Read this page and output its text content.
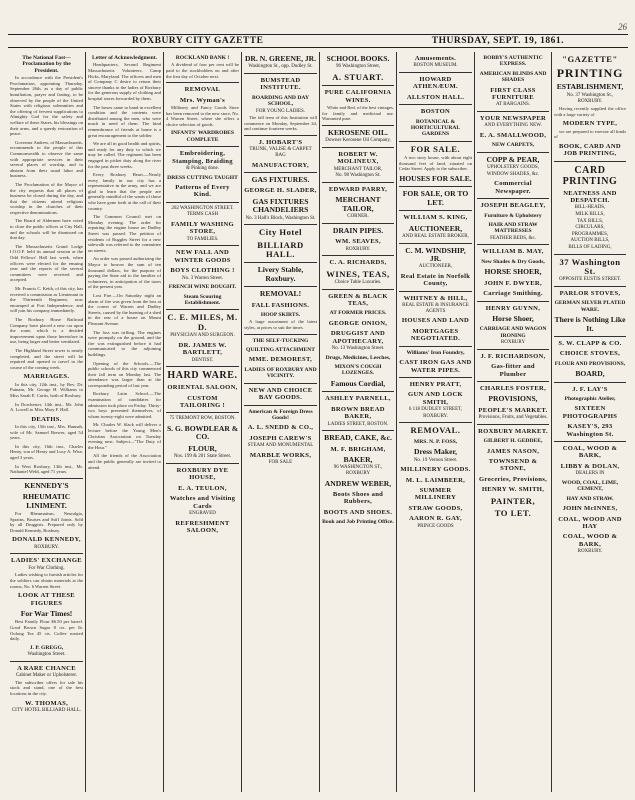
26
ROXBURY CITY GAZETTE	THURSDAY, SEPT. 19, 1861.
The National Fast—Proclamation by the President.
In accordance with the President's Proclamation, appointing Thursday, September 26th, as a day of public humiliation, prayer and fasting, to be observed by the people of the United States with religious solemnities and the offering of fervent supplications to Almighty God for the safety and welfare of these States, his blessings on their arms, and a speedy restoration of peace.
Governor Andrew, of Massachusetts, recommends to the people of this Commonwealth to observe the same with appropriate services in their several places of worship, and to abstain from their usual labor and business.
The Proclamation of the Mayor of the city requests that all places of business be closed during the day, and that the citizens attend religious worship in the churches of their respective denominations.
The Board of Aldermen have voted to close the public offices at City Hall, and the schools will be dismissed on that day.
The Massachusetts Grand Lodge I.O.O.F. held its annual session at the Odd Fellows' Hall last week, when officers were elected for the ensuing year and the reports of the several committees were received and accepted.
Mr. Francis C. Keith, of this city, has received a commission as Lieutenant in the Thirteenth Regiment, now encamped at Fort Independence, and will join his company immediately.
The Roxbury Horse Railroad Company have placed a new car upon the route, which is a decided improvement upon those heretofore in use, being larger and better ventilated.
The Highland Street sewer is nearly completed, and the street will be repaired and opened to travel in the course of the coming week.
MARRIAGES.
In this city, 12th inst., by Rev. Dr. Putnam, Mr. George H. Williams to Miss Sarah E. Curtis, both of Roxbury.
In Dorchester, 14th inst., Mr. John A. Lowell to Miss Mary F. Hall.
DEATHS.
In this city, 15th inst., Mrs. Hannah, wife of Mr. Samuel Brewer, aged 54 years.
In this city, 16th inst., Charles Henry, son of Henry and Lucy A. Wise, aged 3 years.
In West Roxbury, 13th inst., Mr. Nathaniel Weld, aged 71 years.
KENNEDY'S
RHEUMATIC LINIMENT.
For Rheumatism, Neuralgia, Sprains, Bruises and Stiff Joints. Sold by all Druggists. Prepared only by Donald Kennedy, Roxbury.
DONALD KENNEDY,
ROXBURY.
LADIES' EXCHANGE
For War Clothing.
Ladies wishing to furnish articles for the soldiers can obtain materials at the rooms, No. 6 Warren Street.
LOOK AT THESE FIGURES
For War Times!
Best Family Flour $6.50 per barrel. Good Brown Sugar 8 cts. per lb. Oolong Tea 45 cts. Coffee roasted daily.
J. P. GREGG,
Washington Street.
A RARE CHANCE
Cabinet Maker or Upholsterer.
The subscriber offers for sale his stock and stand, one of the best locations in the city.
W. THOMAS,
CITY HOTEL BILLIARD HALL.
Letter of Acknowledgment.
Headquarters, Second Regiment Massachusetts Volunteers, Camp Hicks, Maryland. The officers and men of Company C desire to return their sincere thanks to the ladies of Roxbury for the generous supply of clothing and hospital stores forwarded by them.
The boxes came to hand in excellent condition and the contents were distributed among the men, who were much in need of them. The kind remembrance of friends at home is a great encouragement to the soldier.
We are all in good health and spirits, and ready for any duty to which we may be called. The regiment has been engaged in picket duty along the river for the past three weeks.
Every Roxbury Heart.—Nearly every family in our city has a representative in the army, and we are glad to learn that the people are generally mindful of the wants of those who have gone forth at the call of their country.
The Common Council met on Monday evening. The order for repairing the engine house on Dudley Street was passed. The petition of residents of Ruggles Street for a new sidewalk was referred to the committee on streets.
An order was passed authorizing the Mayor to borrow the sum of ten thousand dollars, for the purpose of paying the State aid to the families of volunteers, in anticipation of the taxes of the present year.
Lost Fire.—On Saturday night an alarm of fire was given from the box at the corner of Warren and Dudley Streets, caused by the burning of a shed in the rear of a house on Mount Pleasant Avenue.
The loss was trifling. The engines were promptly on the ground, and the fire was extinguished before it had communicated to the adjoining buildings.
Opening of the Schools.—The public schools of this city commenced their fall term on Monday last. The attendance was larger than at the corresponding period of last year.
Roxbury Latin School.—The examination of candidates for admission took place on Friday. Thirty-two boys presented themselves, of whom twenty-eight were admitted.
Mr. Charles W. Slack will deliver a lecture before the Young Men's Christian Association on Tuesday evening next. Subject—"The Duty of the Hour."
All the friends of the Association and the public generally are invited to attend.
ROCKLAND BANK !
A dividend of four per cent will be paid to the stockholders on and after the first day of October next.
REMOVAL
Mrs. Wyman's
Millinery and Fancy Goods Store has been removed to the new store, No. 4 Warren Street, where she offers a choice selection of goods.
INFANTS' WARDROBES COMPLETE
Embroidering, Stamping, Braiding
& Pinking done.
DRESS CUTTING TAUGHT
Patterns of Every Kind.
262 WASHINGTON STREET.
TERMS CASH
FAMILY WASHING STORE,
TO FAMILIES.
NEW FALL AND WINTER GOODS
BOYS CLOTHING !
No. 3 Warren Street.
FRENCH WINE BOUGHT.
Steam Scouring Establishment.
C. E. MILES, M. D.
PHYSICIAN AND SURGEON.
DR. JAMES W. BARTLETT,
DENTIST.
HARD WARE.
ORIENTAL SALOON,
CUSTOM TAILORING !
75 TREMONT ROW, BOSTON.
S. G. BOWDLEAR & CO.
FLOUR,
Nos. 199 & 201 State Street.
ROXBURY DYE HOUSE,
E. A. TEULON,
Watches and Visiting Cards
ENGRAVED
REFRESHMENT SALOON,
DR. N. GREENE, JR.
Washington St., opp. Dudley St.
BUMSTEAD INSTITUTE.
BOARDING AND DAY SCHOOL,
FOR YOUNG LADIES.
The fall term of this Institution will commence on Monday, September 2d, and continue fourteen weeks.
J. HOBART'S
TRUNK, VALISE & CARPET BAG
MANUFACTORY,
GAS FIXTURES.
GEORGE H. SLADER,
GAS FIXTURES CHANDELIERS
No. 3 Hall's Block, Washington St.
City Hotel
BILLIARD HALL.
Livery Stable, Roxbury.
REMOVAL!
FALL FASHIONS.
HOOP SKIRTS.
A large assortment of the latest styles, at prices to suit the times.
THE SELF-TUCKING
QUILTING ATTACHMENT
MME. DEMOREST,
LADIES OF ROXBURY AND VICINITY.
NEW AND CHOICE BAY GOODS.
American & Foreign Dress Goods!
A. L. SNEDD & CO.,
JOSEPH CAREW'S
STEAM AND MONUMENTAL
MARBLE WORKS,
FOR SALE
SCHOOL BOOKS.
96 Washington Street,
A. STUART.
PURE CALIFORNIA WINES.
White and Red, of the best vintages, for family and medicinal use. Warranted pure.
KEROSENE OIL.
Downer Kerosene Oil Company,
ROBERT W. MOLINEUX,
MERCHANT TAILOR,
No. 98 Washington St.
EDWARD PARRY,
MERCHANT TAILOR,
CORNER.
DRAIN PIPES.
WM. SEAVES,
ROXBURY.
C. A. RICHARDS,
WINES, TEAS,
Choice Table Luxuries.
GREEN & BLACK TEAS,
AT FORMER PRICES.
GEORGE ONION,
DRUGGIST AND APOTHECARY,
No. 13 Washington Street.
Drugs, Medicines, Leeches,
MIXON'S COUGH LOZENGES.
Famous Cordial,
ASHLEY PARNELL,
BROWN BREAD BAKER,
LADIES STREET, BOSTON.
BREAD, CAKE, &c.
M. F. BRIGHAM,
BAKER,
96 WASHINGTON ST., ROXBURY
ANDREW WEBER,
Boots Shoes and Rubbers,
BOOTS AND SHOES.
Book and Job Printing Office.
Amusements.
BOSTON MUSEUM.
HOWARD ATHENÆUM.
ALLSTON HALL.
BOSTON
BOTANICAL & HORTICULTURAL GARDENS
FOR SALE.
A two story house, with about eight thousand feet of land, situated on Cedar Street. Apply to the subscriber.
HOUSES FOR SALE.
FOR SALE, OR TO LET.
WILLIAM S. KING,
AUCTIONEER,
AND REAL ESTATE BROKER,
C. M. WINDSHIP, JR.
AUCTIONEER,
Real Estate in Norfolk County,
WHITNEY & HILL,
REAL ESTATE & INSURANCE AGENTS
HOUSES AND LAND
MORTGAGES NEGOTIATED.
Williams' Iron Foundry,
CAST IRON GAS AND WATER PIPES.
HENRY PRATT,
GUN AND LOCK SMITH,
6 118 DUDLEY STREET,
ROXBURY.
REMOVAL.
MRS. N. P. FOSS,
Dress Maker,
No. 19 Vernon Street.
MILLINERY GOODS.
M. L. LAIMBEER,
SUMMER MILLINERY
STRAW GOODS,
AARON R. GAY,
PRINCE GOODS
BOBBY'S AUTHENTIC EXPRESS.
AMERICAN BLINDS AND SHADES
FIRST CLASS FURNITURE
AT BARGAINS.
YOUR NEWSPAPER
AND EVERYTHING NEW.
E. A. SMALLWOOD,
NEW CARPETS,
COPP & PEAR,
UPHOLSTERY GOODS,
WINDOW SHADES, &c.
Commercial Newspaper.
JOSEPH BEAGLEY,
Furniture & Upholstery
HAIR AND STRAW MATTRESSES
FEATHER BEDS, &c.
WILLIAM B. MAY,
New Shades & Dry Goods,
HORSE SHOER,
JOHN F. DWYER,
Carriage Smithing.
HENRY GUYNN,
Horse Shoer,
CARRIAGE AND WAGON IRONING
ROXBURY
J. F. RICHARDSON,
Gas-fitter and Plumber
CHARLES FOSTER,
PROVISIONS,
PEOPLE'S MARKET.
Provisions, Fruits, and Vegetables.
ROXBURY MARKET.
GILBERT H. GEDDEE,
JAMES NASON,
TOWNSEND & STONE,
Groceries, Provisions,
HENRY W. SMITH,
PAINTER,
TO LET.
"GAZETTE"
PRINTING
ESTABLISHMENT,
No. 37 Washington St.,
ROXBURY.
Having recently supplied the office with a large variety of
MODERN TYPE,
we are prepared to execute all kinds of
BOOK, CARD AND JOB PRINTING,
CARD PRINTING
NEATNESS AND DESPATCH.
BILL-HEADS,
MILK BILLS,
TAX BILLS,
CIRCULARS,
PROGRAMMES,
AUCTION BILLS,
BILLS OF LADING,
37 Washington St.
OPPOSITE EUSTIS STREET.
PARLOR STOVES,
GERMAN SILVER PLATED WARE.
There is Nothing Like It.
S. W. CLAPP & CO.
CHOICE STOVES,
FLOUR AND PROVISIONS,
BOARD,
J. F. LAY'S
Photographic Atelier,
SIXTEEN PHOTOGRAPHS
KASEY'S, 293 Washington St.
COAL, WOOD & BARK,
LIBBY & DOLAN,
DEALERS IN
WOOD, COAL, LIME, CEMENT,
HAY AND STRAW.
JOHN McINNES,
COAL, WOOD AND HAY
COAL, WOOD & BARK,
ROXBURY.
